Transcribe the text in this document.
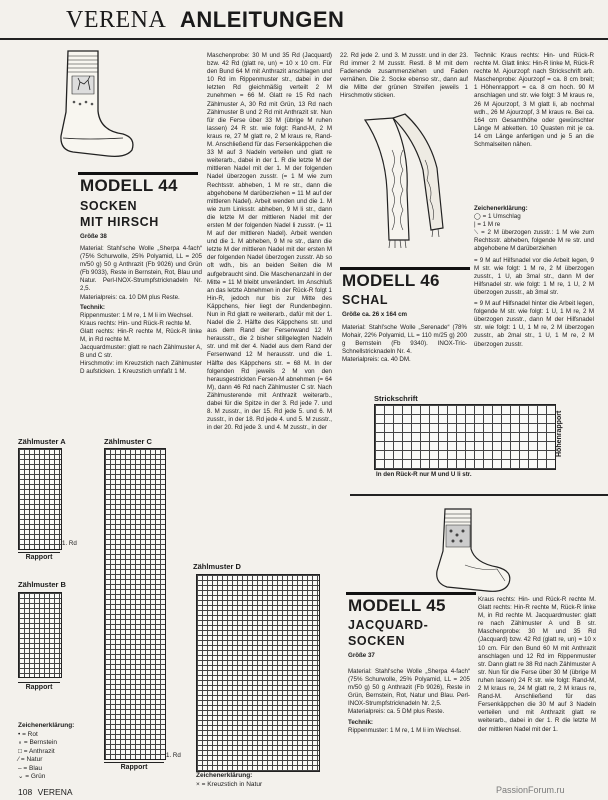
VERENA ANLEITUNGEN
MODELL 44
SOCKEN
MIT HIRSCH
Größe 38
Material: Stahl'sche Wolle „Sherpa 4-fach“ (75% Schurwolle, 25% Polyamid, LL = 205 m/50 g) 50 g Anthrazit (Fb 9026) und Grün (Fb 9033), Reste in Bernstein, Rot, Blau und Natur. Perl-INOX-Strumpfstricknadeln Nr. 2,5.
Materialpreis: ca. 10 DM plus Reste.
Technik:
Rippenmuster: 1 M re, 1 M li im Wechsel.
Kraus rechts: Hin- und Rück-R rechte M.
Glatt rechts: Hin-R rechte M, Rück-R linke M, in Rd rechte M.
Jacquardmuster: glatt re nach Zählmuster A, B und C str.
Hirschmotiv: im Kreuzstich nach Zählmuster D aufsticken. 1 Kreuzstich umfaßt 1 M.
Zählmuster A
1. Rd
Rapport
Zählmuster B
Rapport
Zeichenerklärung:
• = Rot
∘ = Bernstein
□ = Anthrazit
⁄ = Natur
– = Blau
⌄ = Grün
Zählmuster C
1. Rd
Rapport
Zählmuster D
Zeichenerklärung:
× = Kreuzstich in Natur
Maschenprobe: 30 M und 35 Rd (Jacquard) bzw. 42 Rd (glatt re, un) = 10 x 10 cm. Für den Bund 64 M mit Anthrazit anschlagen und 10 Rd im Rippenmuster str., dabei in der letzten Rd gleichmäßig verteilt 2 M zunehmen = 66 M. Glatt re 15 Rd nach Zählmuster A, 30 Rd mit Grün, 13 Rd nach Zählmuster B und 2 Rd mit Anthrazit str. Nun für die Ferse über 33 M (übrige M ruhen lassen) 24 R str. wie folgt: Rand-M, 2 M kraus re, 27 M glatt re, 2 M kraus re, Rand-M. Anschließend für das Fersenkäppchen die 33 M auf 3 Nadeln verteilen und glatt re weiterarb., dabei in der 1. R die letzte M der mittleren Nadel mit der 1. M der folgenden Nadel überzogen zusstr. (= 1 M wie zum Rechtsstr. abheben, 1 M re str., dann die abgehobene M darüberziehen = 11 M auf der mittleren Nadel). Arbeit wenden und die 1. M wie zum Linksstr. abheben, 9 M li str., dann die letzte M der mittleren Nadel mit der ersten M der folgenden Nadel li zusstr. (= 11 M auf der mittleren Nadel). Arbeit wenden und die 1. M abheben, 9 M re str., dann die letzte M der mittleren Nadel mit der ersten M der folgenden Nadel überzogen zusstr. Ab so oft wdh., bis an beiden Seiten die M aufgebraucht sind. Die Maschenanzahl in der Mitte = 11 M bleibt unverändert. Im Anschluß an das letzte Abnehmen in der Rück-R folgt 1 Hin-R, jedoch nur bis zur Mitte des Käppchens, hier liegt der Rundenbeginn. Nun in Rd glatt re weiterarb., dafür mit der 1. Nadel die 2. Hälfte des Käppchens str. und aus dem Rand der Fersenwand 12 M herausstr., die 2 bisher stillgelegten Nadeln str. und mit der 4. Nadel aus dem Rand der Fersenwand 12 M herausstr. und die 1. Hälfte des Käppchens str. = 68 M. In der folgenden Rd jeweils 2 M von den herausgestrickten Fersen-M abnehmen (= 64 M), dann 46 Rd nach Zählmuster C str. Nach Zählmusterende mit Anthrazit weiterarb., dabei für die Spitze in der 3. Rd jede 7. und 8. M zusstr., in der 15. Rd jede 5. und 6. M zusstr., in der 18. Rd jede 4. und 5. M zusstr., in der 20. Rd jede 3. und 4. M zusstr., in der
22. Rd jede 2. und 3. M zusstr. und in der 23. Rd immer 2 M zusstr. Restl. 8 M mit dem Fadenende zusammenziehen und Faden vernähen. Die 2. Socke ebenso str., dann auf die Mitte der grünen Streifen jeweils 1 Hirschmotiv sticken.
MODELL 46
SCHAL
Größe ca. 26 x 164 cm
Material: Stahl'sche Wolle „Serenade“ (78% Mohair, 22% Polyamid, LL = 110 m/25 g) 200 g Bernstein (Fb 9340). INOX-Tric-Schnellstricknadeln Nr. 4.
Materialpreis: ca. 40 DM.
Strickschrift
Höhenrapport
In den Rück-R nur M und U li str.
Technik: Kraus rechts: Hin- und Rück-R rechte M. Glatt links: Hin-R linke M, Rück-R rechte M. Ajourzopf: nach Strickschrift arb. Maschenprobe: Ajourzopf = ca. 8 cm breit; 1 Höhenrapport = ca. 8 cm hoch. 90 M anschlagen und str. wie folgt: 3 M kraus re, 26 M Ajourzopf, 3 M glatt li, ab nochmal wdh., 26 M Ajourzopf, 3 M kraus re. Bei ca. 164 cm Gesamthöhe oder gewünschter Länge M abketten. 10 Quasten mit je ca. 14 cm Länge anfertigen und je 5 an die Schmalseiten nähen.
Zeichenerklärung:
◯ = 1 Umschlag
| = 1 M re
⟍ = 2 M überzogen zusstr.: 1 M wie zum Rechtsstr. abheben, folgende M re str. und abgehobene M darüberziehen
= 9 M auf Hilfsnadel vor die Arbeit legen, 9 M str. wie folgt: 1 M re, 2 M überzogen zusstr., 1 U, ab 3mal str., dann M der Hilfsnadel str. wie folgt: 1 M re, 1 U, 2 M überzogen zusstr., ab 3mal str.
= 9 M auf Hilfsnadel hinter die Arbeit legen, folgende M str. wie folgt: 1 U, 1 M re, 2 M überzogen zusstr., dann M der Hilfsnadel str. wie folgt: 1 U, 1 M re, 2 M überzogen zusstr., ab 2mal str., 1 U, 1 M re, 2 M überzogen zusstr.
MODELL 45
JACQUARD-
SOCKEN
Größe 37
Material: Stahl'sche Wolle „Sherpa 4-fach“ (75% Schurwolle, 25% Polyamid, LL = 205 m/50 g) 50 g Anthrazit (Fb 9026), Reste in Grün, Bernstein, Rot, Natur und Blau. Perl-INOX-Strumpfstricknadeln Nr. 2,5.
Materialpreis: ca. 5 DM plus Reste.
Technik:
Rippenmuster: 1 M re, 1 M li im Wechsel.
Kraus rechts: Hin- und Rück-R rechte M. Glatt rechts: Hin-R rechte M, Rück-R linke M, in Rd rechte M. Jacquardmuster: glatt re nach Zählmuster A und B str. Maschenprobe: 30 M und 35 Rd (Jacquard) bzw. 42 Rd (glatt re, un) = 10 x 10 cm. Für den Bund 60 M mit Anthrazit anschlagen und 12 Rd im Rippenmuster str. Dann glatt re 38 Rd nach Zählmuster A str. Nun für die Ferse über 30 M (übrige M ruhen lassen) 24 R str. wie folgt: Rand-M, 2 M kraus re, 24 M glatt re, 2 M kraus re, Rand-M. Anschließend für das Fersenkäppchen die 30 M auf 3 Nadeln verteilen und mit Anthrazit glatt re weiterarb., dabei in der 1. R die letzte M der mittleren Nadel mit der 1.
108 VERENA	PassionForum.ru
